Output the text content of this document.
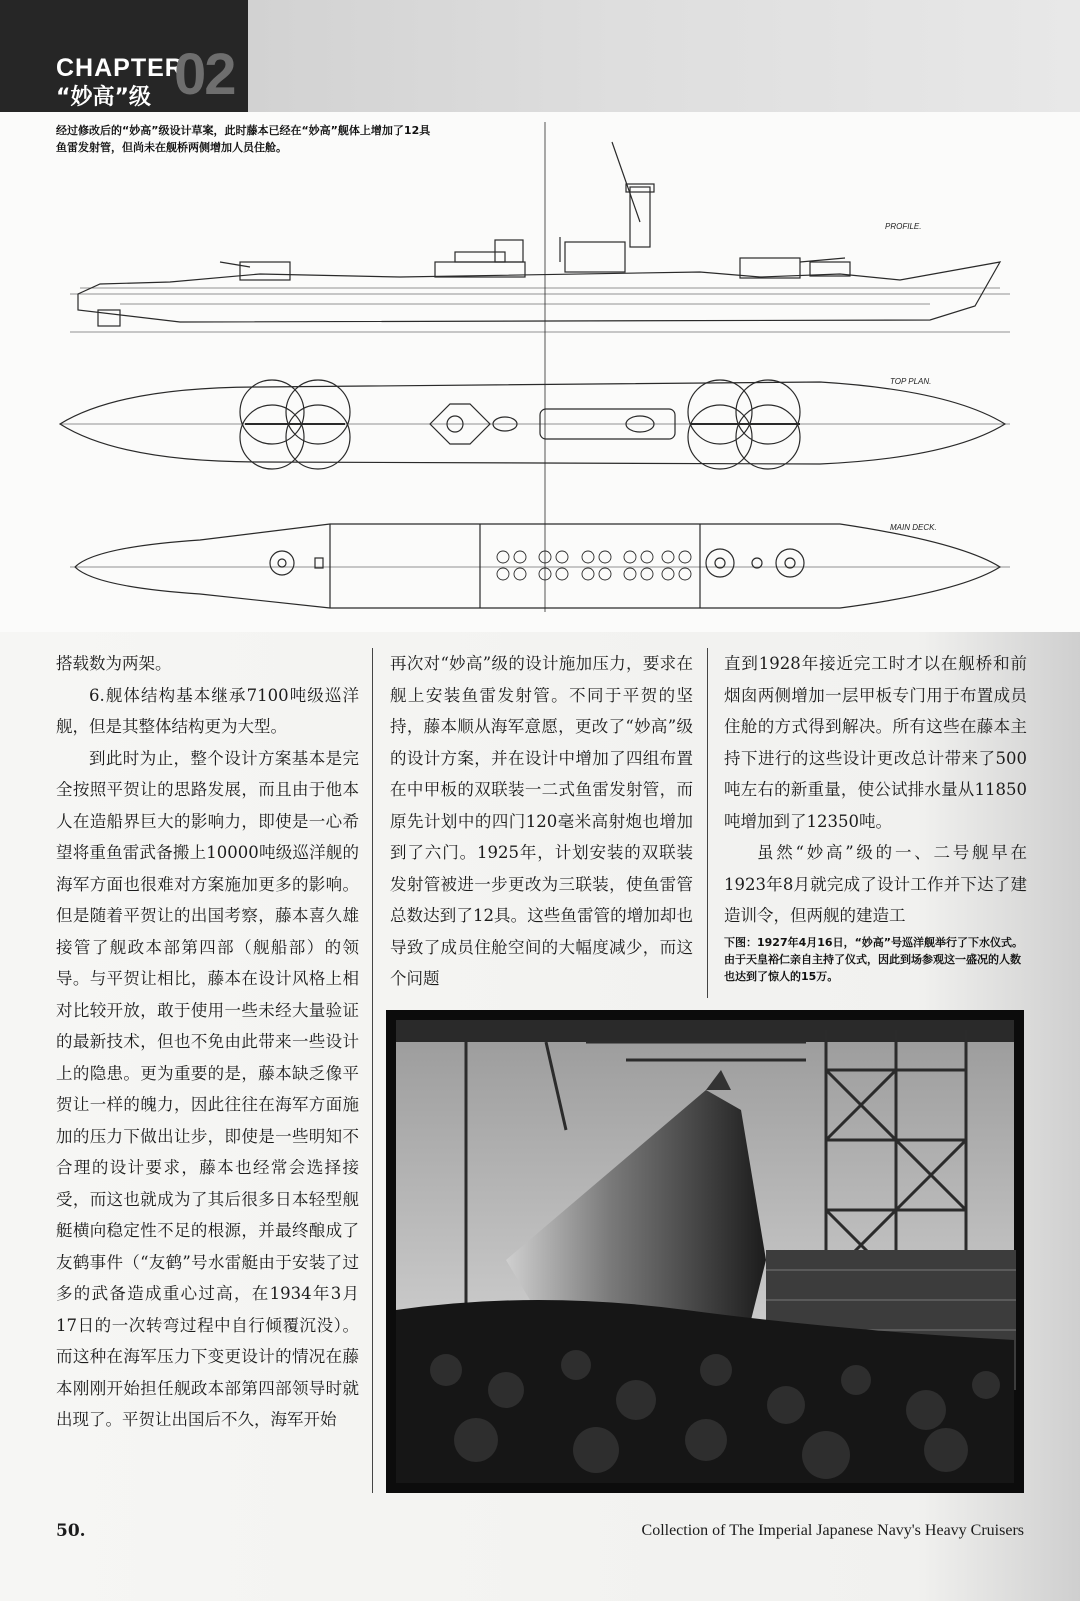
CHAPTER
02
“妙高”级
PROFILE.
TOP PLAN.
MAIN DECK.
经过修改后的“妙高”级设计草案，此时藤本已经在“妙高”舰体上增加了12具鱼雷发射管，但尚未在舰桥两侧增加人员住舱。

搭载数为两架。

6.舰体结构基本继承7100吨级巡洋舰，但是其整体结构更为大型。

到此时为止，整个设计方案基本是完全按照平贺让的思路发展，而且由于他本人在造船界巨大的影响力，即使是一心希望将重鱼雷武备搬上10000吨级巡洋舰的海军方面也很难对方案施加更多的影响。但是随着平贺让的出国考察，藤本喜久雄接管了舰政本部第四部（舰船部）的领导。与平贺让相比，藤本在设计风格上相对比较开放，敢于使用一些未经大量验证的最新技术，但也不免由此带来一些设计上的隐患。更为重要的是，藤本缺乏像平贺让一样的魄力，因此往往在海军方面施加的压力下做出让步，即使是一些明知不合理的设计要求，藤本也经常会选择接受，而这也就成为了其后很多日本轻型舰艇横向稳定性不足的根源，并最终酿成了友鹤事件（“友鹤”号水雷艇由于安装了过多的武备造成重心过高，在1934年3月17日的一次转弯过程中自行倾覆沉没）。而这种在海军压力下变更设计的情况在藤本刚刚开始担任舰政本部第四部领导时就出现了。平贺让出国后不久，海军开始

再次对“妙高”级的设计施加压力，要求在舰上安装鱼雷发射管。不同于平贺的坚持，藤本顺从海军意愿，更改了“妙高”级的设计方案，并在设计中增加了四组布置在中甲板的双联装一二式鱼雷发射管，而原先计划中的四门120毫米高射炮也增加到了六门。1925年，计划安装的双联装发射管被进一步更改为三联装，使鱼雷管总数达到了12具。这些鱼雷管的增加却也导致了成员住舱空间的大幅度减少，而这个问题

直到1928年接近完工时才以在舰桥和前烟囱两侧增加一层甲板专门用于布置成员住舱的方式得到解决。所有这些在藤本主持下进行的这些设计更改总计带来了500吨左右的新重量，使公试排水量从11850吨增加到了12350吨。

虽然“妙高”级的一、二号舰早在1923年8月就完成了设计工作并下达了建造训令，但两舰的建造工

下图：1927年4月16日，“妙高”号巡洋舰举行了下水仪式。由于天皇裕仁亲自主持了仪式，因此到场参观这一盛况的人数也达到了惊人的15万。
50.	Collection of The Imperial Japanese Navy's Heavy Cruisers
